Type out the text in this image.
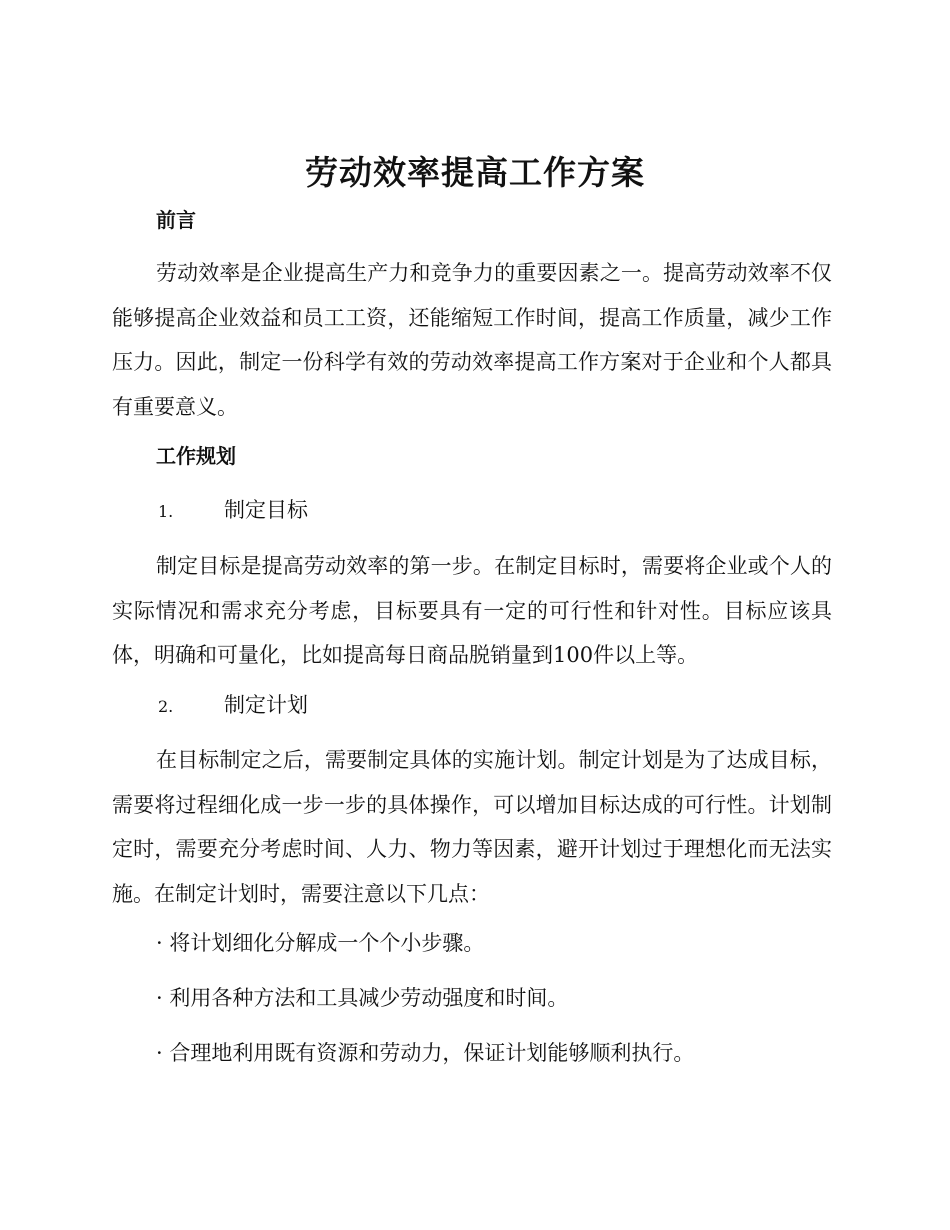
劳动效率提高工作方案
前言

劳动效率是企业提高生产力和竞争力的重要因素之一。提高劳动效率不仅能够提高企业效益和员工工资，还能缩短工作时间，提高工作质量，减少工作压力。因此，制定一份科学有效的劳动效率提高工作方案对于企业和个人都具有重要意义。

工作规划
1. 制定目标

制定目标是提高劳动效率的第一步。在制定目标时，需要将企业或个人的实际情况和需求充分考虑，目标要具有一定的可行性和针对性。目标应该具体，明确和可量化，比如提高每日商品脱销量到100件以上等。

2. 制定计划

在目标制定之后，需要制定具体的实施计划。制定计划是为了达成目标，需要将过程细化成一步一步的具体操作，可以增加目标达成的可行性。计划制定时，需要充分考虑时间、人力、物力等因素，避开计划过于理想化而无法实施。在制定计划时，需要注意以下几点：

· 将计划细化分解成一个个小步骤。
· 利用各种方法和工具减少劳动强度和时间。
· 合理地利用既有资源和劳动力，保证计划能够顺利执行。
